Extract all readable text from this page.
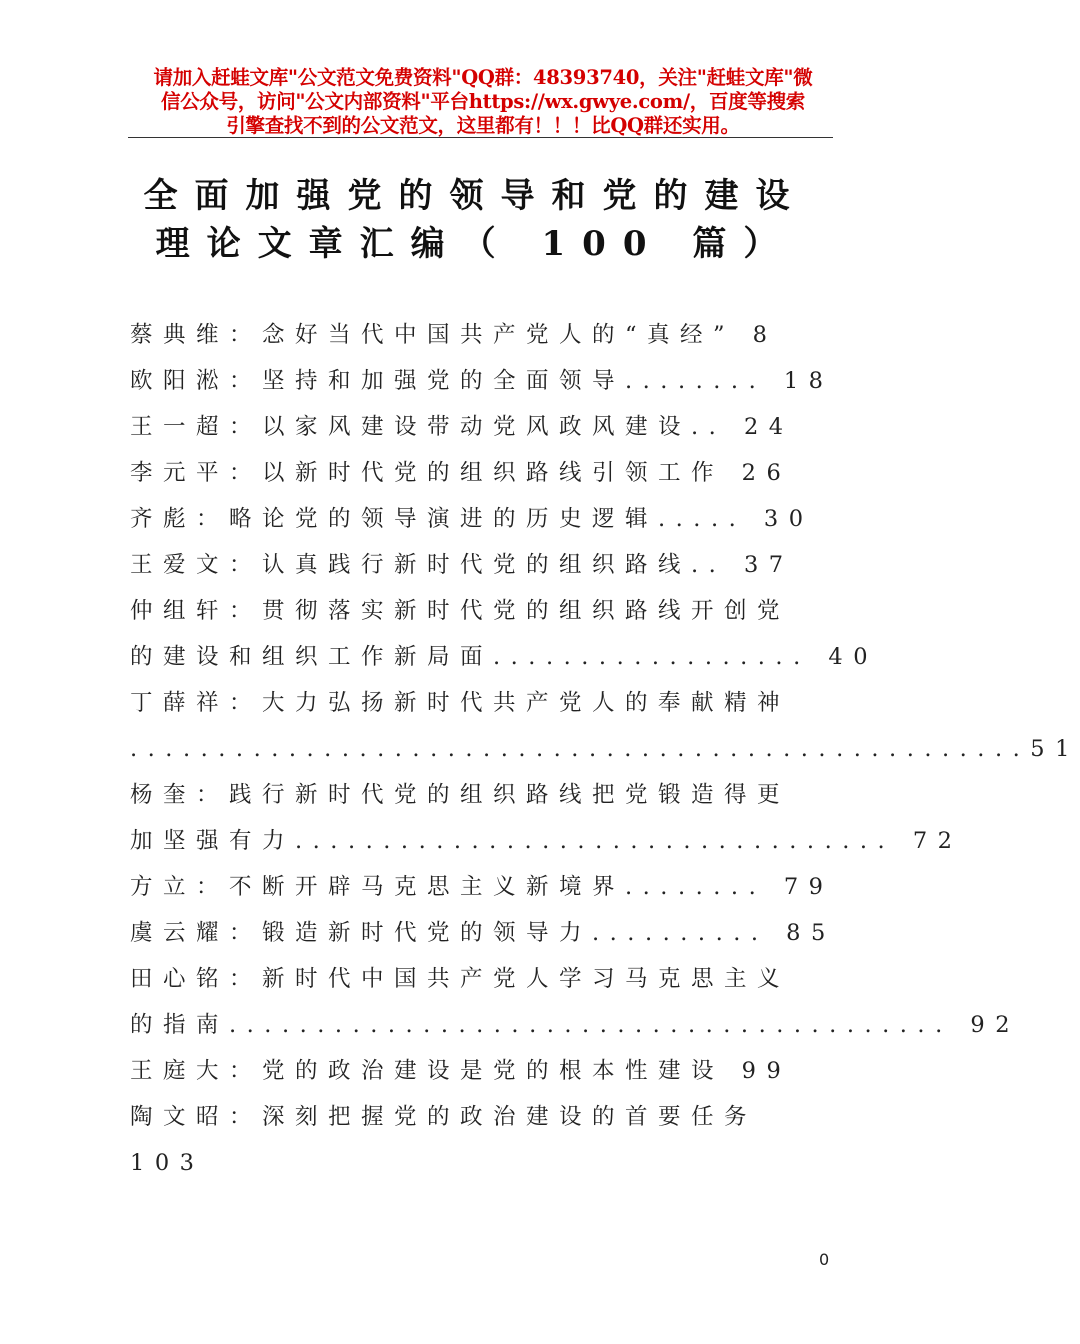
请加入赶蛙文库"公文范文免费资料"QQ群：48393740，关注"赶蛙文库"微
信公众号，访问"公文内部资料"平台https://wx.gwye.com/，百度等搜索
引擎查找不到的公文范文，这里都有！！！比QQ群还实用。
全面加强党的领导和党的建设
理论文章汇编（ 100 篇）
蔡典维：念好当代中国共产党人的“真经” 8
欧阳淞：坚持和加强党的全面领导........ 18
王一超：以家风建设带动党风政风建设.. 24
李元平：以新时代党的组织路线引领工作 26
齐彪：略论党的领导演进的历史逻辑..... 30
王爱文：认真践行新时代党的组织路线.. 37
仲组轩：贯彻落实新时代党的组织路线开创党
的建设和组织工作新局面.................. 40
丁薛祥：大力弘扬新时代共产党人的奉献精神
...................................................51
杨奎：践行新时代党的组织路线把党锻造得更
加坚强有力.................................. 72
方立：不断开辟马克思主义新境界........ 79
虞云耀：锻造新时代党的领导力.......... 85
田心铭：新时代中国共产党人学习马克思主义
的指南......................................... 92
王庭大：党的政治建设是党的根本性建设 99
陶文昭：深刻把握党的政治建设的首要任务
103
0
